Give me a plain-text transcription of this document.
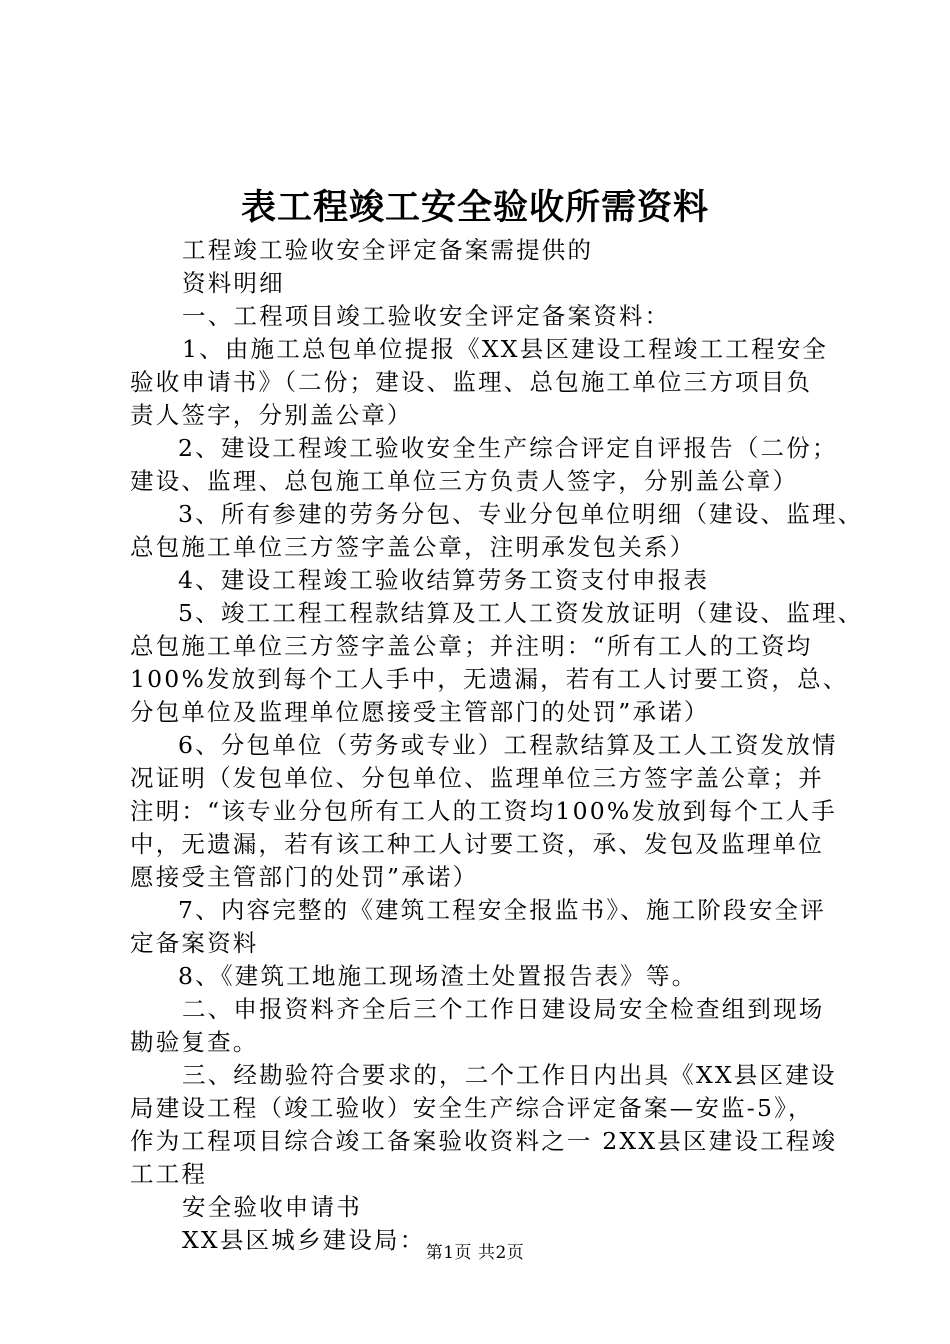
表工程竣工安全验收所需资料
工程竣工验收安全评定备案需提供的
资料明细
一、工程项目竣工验收安全评定备案资料：
1、由施工总包单位提报《XX县区建设工程竣工工程安全
验收申请书》（二份；建设、监理、总包施工单位三方项目负
责人签字，分别盖公章）
2、建设工程竣工验收安全生产综合评定自评报告（二份；
建设、监理、总包施工单位三方负责人签字，分别盖公章）
3、所有参建的劳务分包、专业分包单位明细（建设、监理、
总包施工单位三方签字盖公章，注明承发包关系）
4、建设工程竣工验收结算劳务工资支付申报表
5、竣工工程工程款结算及工人工资发放证明（建设、监理、
总包施工单位三方签字盖公章；并注明：“所有工人的工资均
100%发放到每个工人手中，无遗漏，若有工人讨要工资，总、
分包单位及监理单位愿接受主管部门的处罚”承诺）
6、分包单位（劳务或专业）工程款结算及工人工资发放情
况证明（发包单位、分包单位、监理单位三方签字盖公章；并
注明：“该专业分包所有工人的工资均100%发放到每个工人手
中，无遗漏，若有该工种工人讨要工资，承、发包及监理单位
愿接受主管部门的处罚”承诺）
7、内容完整的《建筑工程安全报监书》、施工阶段安全评
定备案资料
8、《建筑工地施工现场渣土处置报告表》等。
二、申报资料齐全后三个工作日建设局安全检查组到现场
勘验复查。
三、经勘验符合要求的，二个工作日内出具《XX县区建设
局建设工程（竣工验收）安全生产综合评定备案—安监-5》，
作为工程项目综合竣工备案验收资料之一 2XX县区建设工程竣
工工程
安全验收申请书
XX县区城乡建设局： 第1页 共2页
